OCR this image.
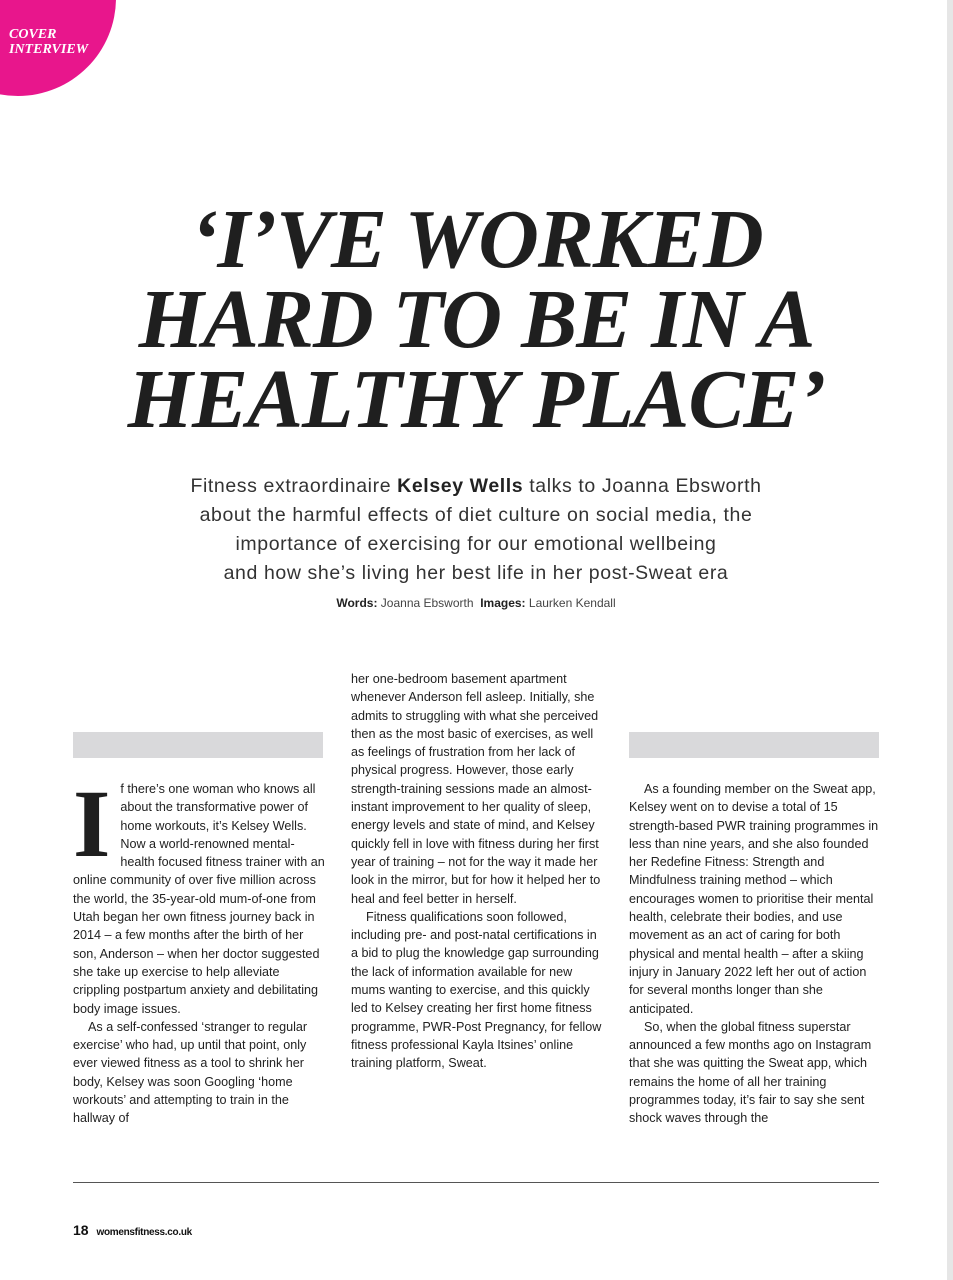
COVER
INTERVIEW
‘I’VE WORKED
HARD TO BE IN A
HEALTHY PLACE’
Fitness extraordinaire Kelsey Wells talks to Joanna Ebsworth
about the harmful effects of diet culture on social media, the
importance of exercising for our emotional wellbeing
and how she’s living her best life in her post-Sweat era
Words: Joanna Ebsworth Images: Laurken Kendall

If there’s one woman who knows all about the transformative power of home workouts, it’s Kelsey Wells. Now a world-renowned mental-health focused fitness trainer with an online community of over five million across the world, the 35-year-old mum-of-one from Utah began her own fitness journey back in 2014 – a few months after the birth of her son, Anderson – when her doctor suggested she take up exercise to help alleviate crippling postpartum anxiety and debilitating body image issues.

As a self-confessed ‘stranger to regular exercise’ who had, up until that point, only ever viewed fitness as a tool to shrink her body, Kelsey was soon Googling ‘home workouts’ and attempting to train in the hallway of

her one-bedroom basement apartment whenever Anderson fell asleep. Initially, she admits to struggling with what she perceived then as the most basic of exercises, as well as feelings of frustration from her lack of physical progress. However, those early strength-training sessions made an almost-instant improvement to her quality of sleep, energy levels and state of mind, and Kelsey quickly fell in love with fitness during her first year of training – not for the way it made her look in the mirror, but for how it helped her to heal and feel better in herself.

Fitness qualifications soon followed, including pre- and post-natal certifications in a bid to plug the knowledge gap surrounding the lack of information available for new mums wanting to exercise, and this quickly led to Kelsey creating her first home fitness programme, PWR-Post Pregnancy, for fellow fitness professional Kayla Itsines’ online training platform, Sweat.

As a founding member on the Sweat app, Kelsey went on to devise a total of 15 strength-based PWR training programmes in less than nine years, and she also founded her Redefine Fitness: Strength and Mindfulness training method – which encourages women to prioritise their mental health, celebrate their bodies, and use movement as an act of caring for both physical and mental health – after a skiing injury in January 2022 left her out of action for several months longer than she anticipated.

So, when the global fitness superstar announced a few months ago on Instagram that she was quitting the Sweat app, which remains the home of all her training programmes today, it’s fair to say she sent shock waves through the

18 womensfitness.co.uk
